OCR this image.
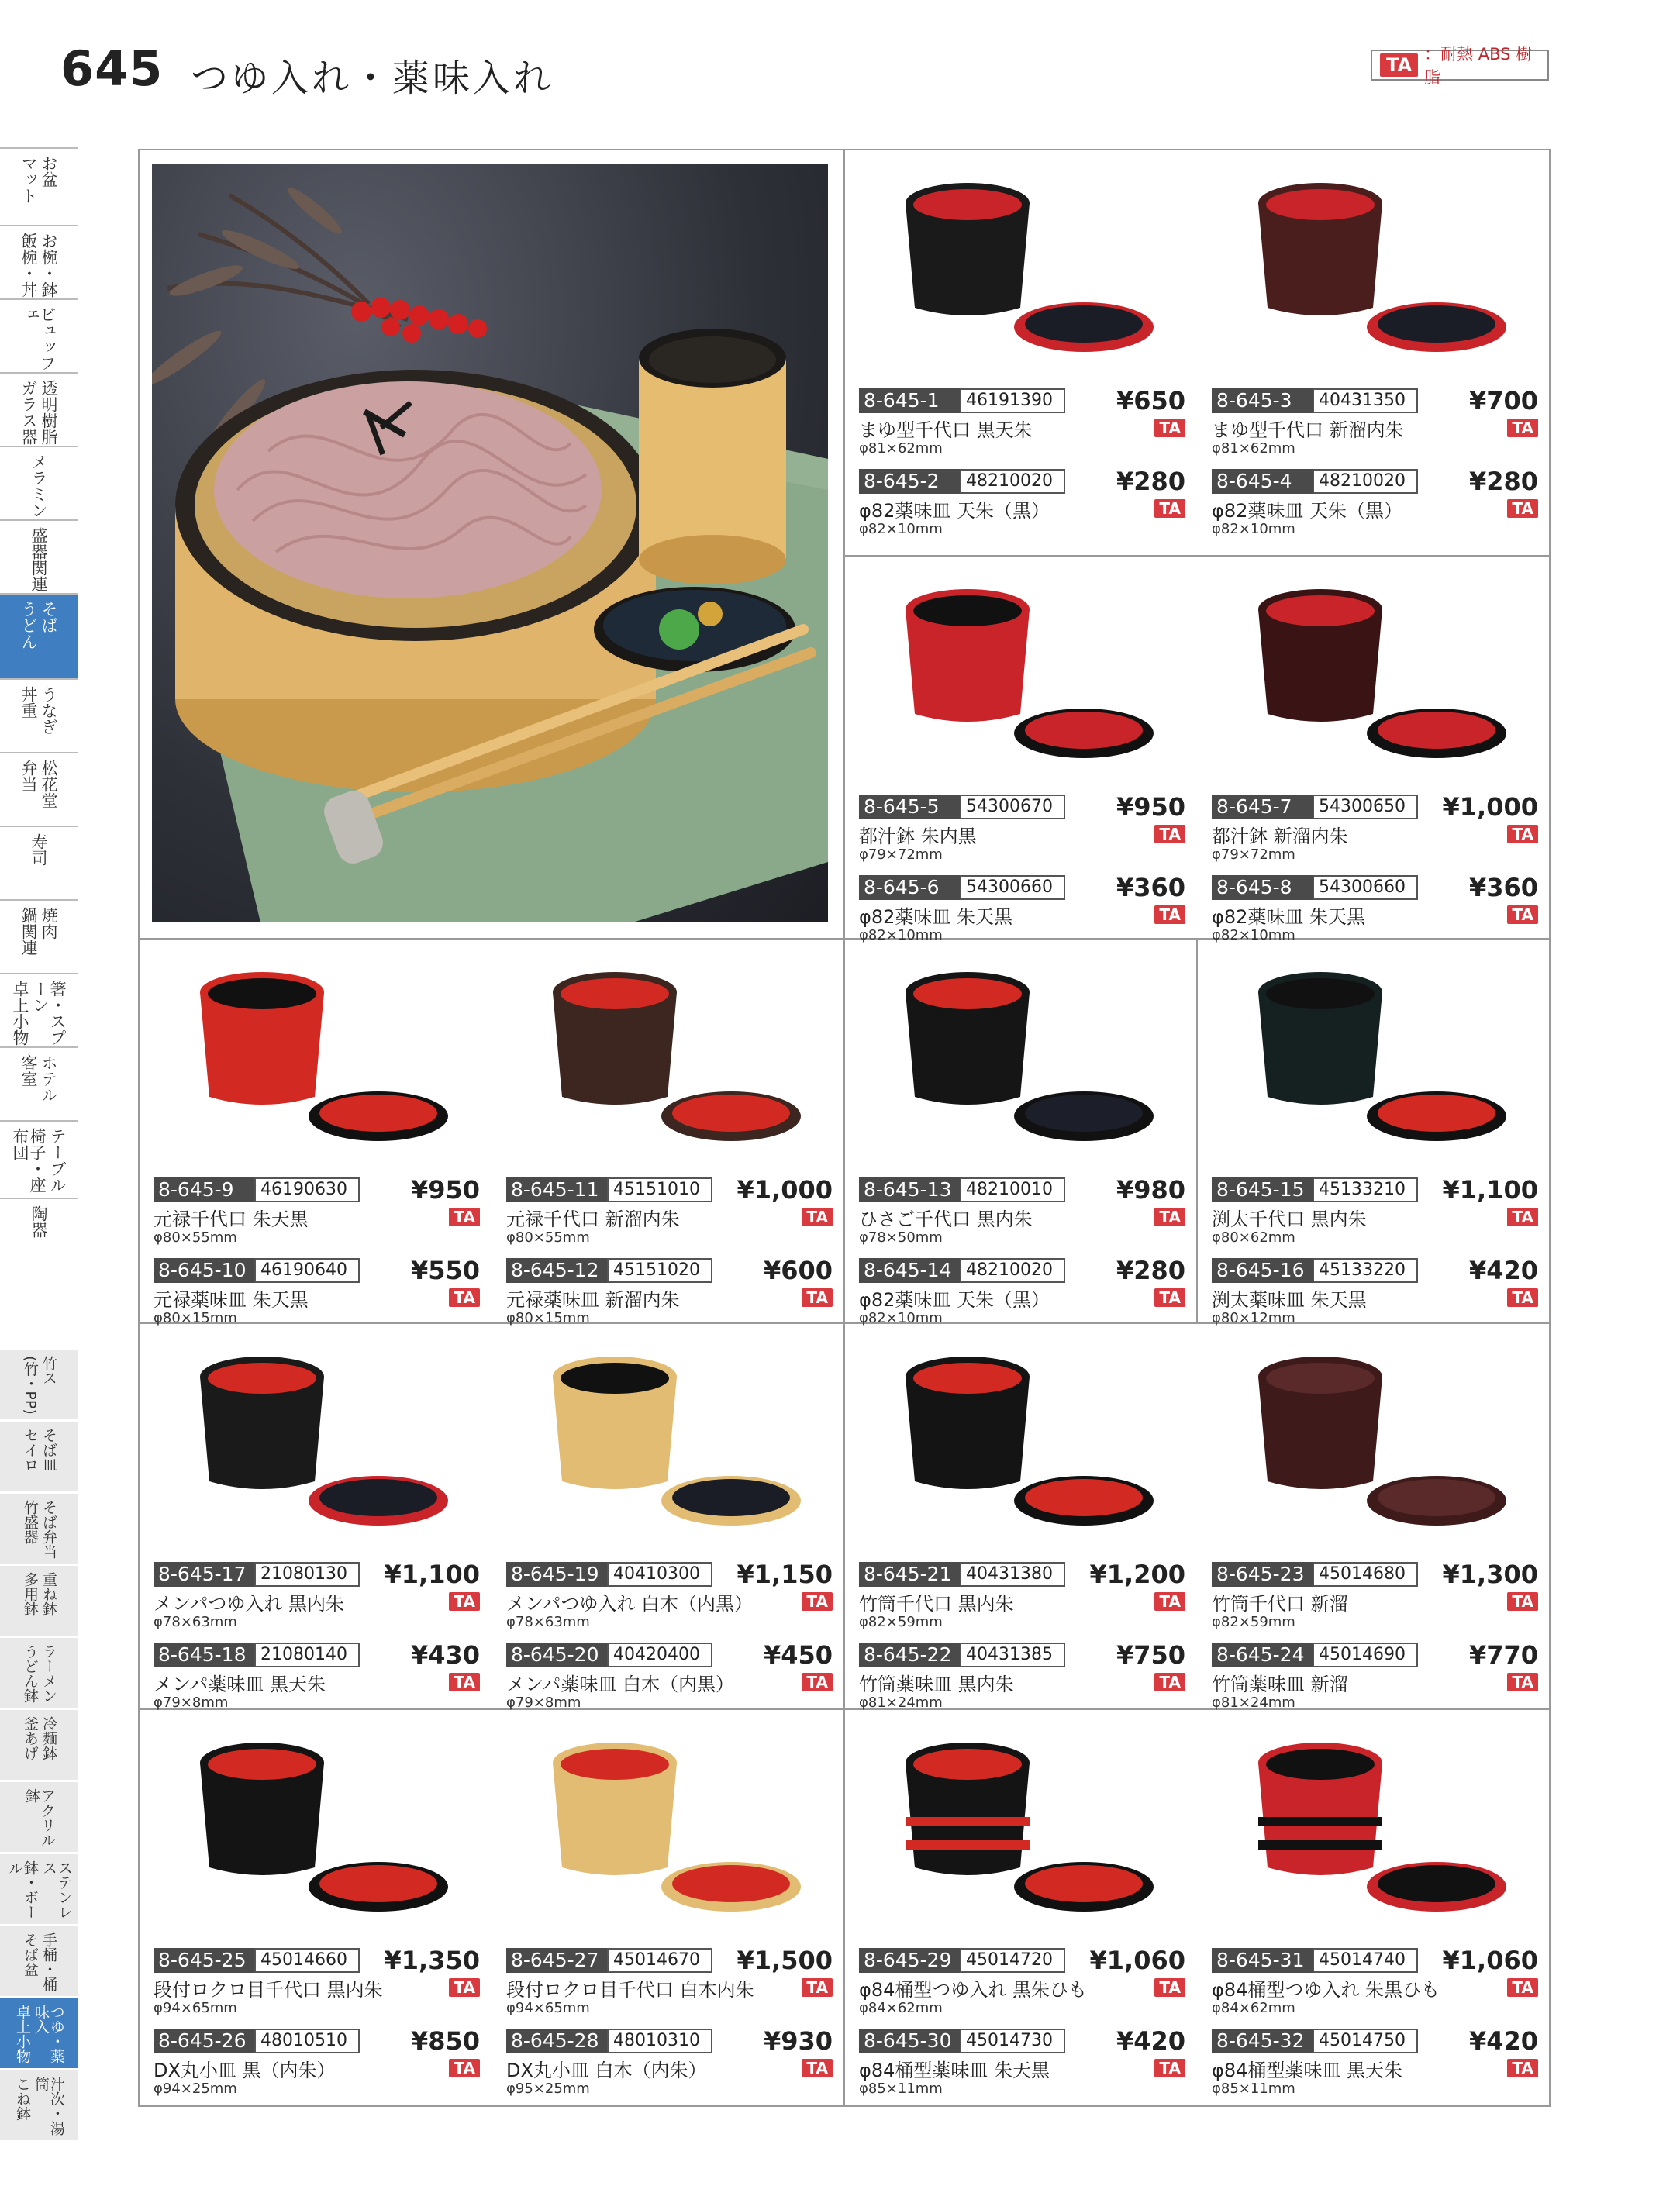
645 つゆ入れ・薬味入れ	TA ：耐熱 ABS 樹脂
お盆
マット
お椀・鉢
飯椀・丼
ビュッフェ
透明樹脂
ガラス器
メラミン
盛器関連
そば
うどん
うなぎ
丼重
松花堂
弁当
寿司
焼肉
鍋関連
箸・スプーン
卓上小物
ホテル
客室
テーブル
椅子・座布団
陶器
竹ス
(竹・PP)
そば皿
セイロ
そば弁当
竹盛器
重ね鉢
多用鉢
ラーメン
うどん鉢
冷麺鉢
釜あげ
アクリル鉢
ステンレス
鉢・ボール
手桶・桶
そば盆
つゆ・薬味入
卓上小物
汁次・湯筒
こね鉢
8-645-1	46191390	¥650
まゆ型千代口 黒天朱	TA
φ81×62mm
8-645-2	48210020	¥280
φ82薬味皿 天朱（黒）	TA
φ82×10mm
8-645-3	40431350	¥700
まゆ型千代口 新溜内朱	TA
φ81×62mm
8-645-4	48210020	¥280
φ82薬味皿 天朱（黒）	TA
φ82×10mm
8-645-5	54300670	¥950
都汁鉢 朱内黒	TA
φ79×72mm
8-645-6	54300660	¥360
φ82薬味皿 朱天黒	TA
φ82×10mm
8-645-7	54300650	¥1,000
都汁鉢 新溜内朱	TA
φ79×72mm
8-645-8	54300660	¥360
φ82薬味皿 朱天黒	TA
φ82×10mm
8-645-9	46190630	¥950
元禄千代口 朱天黒	TA
φ80×55mm
8-645-10 46190640	¥550
元禄薬味皿 朱天黒	TA
φ80×15mm
8-645-11 45151010	¥1,000
元禄千代口 新溜内朱	TA
φ80×55mm
8-645-12 45151020	¥600
元禄薬味皿 新溜内朱	TA
φ80×15mm
8-645-13 48210010	¥980
ひさご千代口 黒内朱	TA
φ78×50mm
8-645-14 48210020	¥280
φ82薬味皿 天朱（黒）	TA
φ82×10mm
8-645-15 45133210	¥1,100
渕太千代口 黒内朱	TA
φ80×62mm
8-645-16 45133220	¥420
渕太薬味皿 朱天黒	TA
φ80×12mm
8-645-17 21080130	¥1,100
メンパつゆ入れ 黒内朱	TA
φ78×63mm
8-645-18 21080140	¥430
メンパ薬味皿 黒天朱	TA
φ79×8mm
8-645-19 40410300	¥1,150
メンパつゆ入れ 白木（内黒）	TA
φ78×63mm
8-645-20 40420400	¥450
メンパ薬味皿 白木（内黒）	TA
φ79×8mm
8-645-21 40431380	¥1,200
竹筒千代口 黒内朱	TA
φ82×59mm
8-645-22 40431385	¥750
竹筒薬味皿 黒内朱	TA
φ81×24mm
8-645-23 45014680	¥1,300
竹筒千代口 新溜	TA
φ82×59mm
8-645-24 45014690	¥770
竹筒薬味皿 新溜	TA
φ81×24mm
8-645-25 45014660	¥1,350
段付ロクロ目千代口 黒内朱	TA
φ94×65mm
8-645-26 48010510	¥850
DX丸小皿 黒（内朱）	TA
φ94×25mm
8-645-27 45014670	¥1,500
段付ロクロ目千代口 白木内朱	TA
φ94×65mm
8-645-28 48010310	¥930
DX丸小皿 白木（内朱）	TA
φ95×25mm
8-645-29 45014720	¥1,060
φ84桶型つゆ入れ 黒朱ひも	TA
φ84×62mm
8-645-30 45014730	¥420
φ84桶型薬味皿 朱天黒	TA
φ85×11mm
8-645-31 45014740	¥1,060
φ84桶型つゆ入れ 朱黒ひも	TA
φ84×62mm
8-645-32 45014750	¥420
φ84桶型薬味皿 黒天朱	TA
φ85×11mm
